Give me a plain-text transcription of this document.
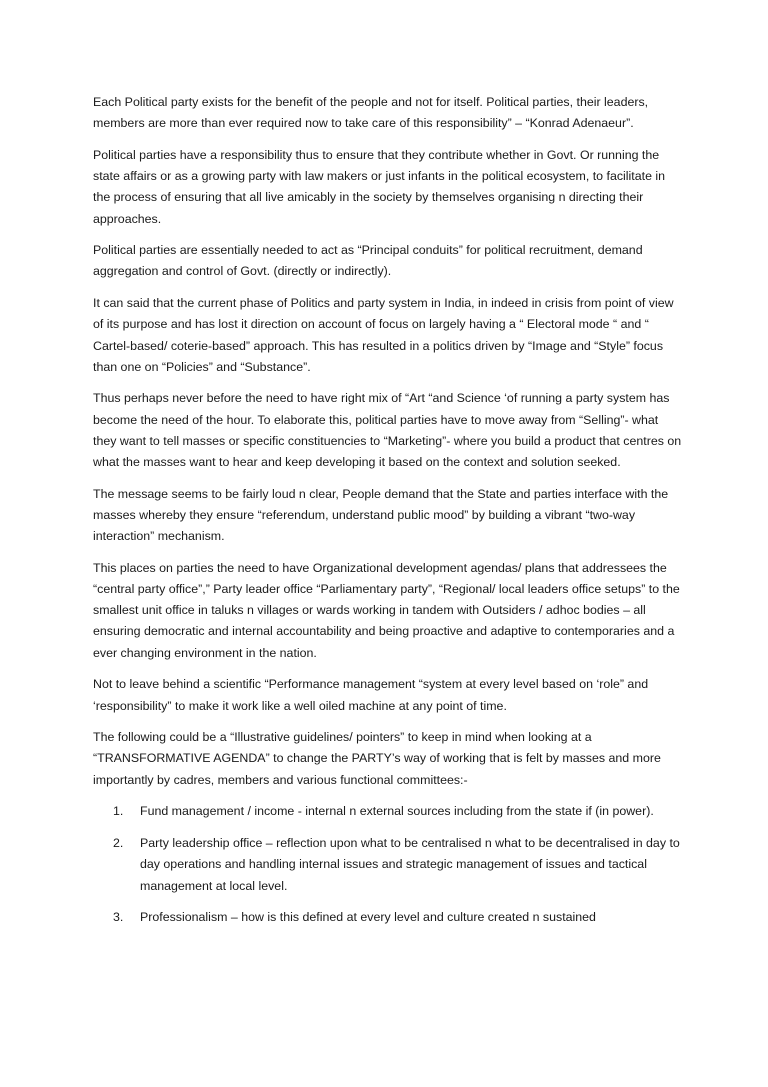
Each Political party exists for the benefit of the people and not for itself. Political parties, their leaders, members are more than ever required now to take care of this responsibility” – “Konrad Adenaeur”.

Political parties have a responsibility thus to ensure that they contribute whether in Govt. Or running the state affairs or as a growing party with law makers or just infants in the political ecosystem, to facilitate in the process of ensuring that all live amicably in the society by themselves organising n directing their approaches.

Political parties are essentially needed to act as “Principal conduits” for political recruitment, demand aggregation and control of Govt. (directly or indirectly).

It can said that the current phase of Politics and party system in India, in indeed in crisis from point of view of its purpose and has lost it direction on account of focus on largely having a “ Electoral mode “ and “ Cartel-based/ coterie-based” approach. This has resulted in a politics driven by “Image and “Style” focus than one on “Policies” and “Substance”.

Thus perhaps never before the need to have right mix of “Art “and Science ‘of running a party system has become the need of the hour. To elaborate this, political parties have to move away from “Selling”- what they want to tell masses or specific constituencies to “Marketing”- where you build a product that centres on what the masses want to hear and keep developing it based on the context and solution seeked.

The message seems to be fairly loud n clear, People demand that the State and parties interface with the masses whereby they ensure “referendum, understand public mood” by building a vibrant “two-way interaction” mechanism.

This places on parties the need to have Organizational development agendas/ plans that addressees the “central party office”,” Party leader office “Parliamentary party”, “Regional/ local leaders office setups” to the smallest unit office in taluks n villages or wards working in tandem with Outsiders / adhoc bodies – all ensuring democratic and internal accountability and being proactive and adaptive to contemporaries and a ever changing environment in the nation.

Not to leave behind a scientific “Performance management “system at every level based on ‘role” and ‘responsibility” to make it work like a well oiled machine at any point of time.

The following could be a “Illustrative guidelines/ pointers” to keep in mind when looking at a “TRANSFORMATIVE AGENDA” to change the PARTY’s way of working that is felt by masses and more importantly by cadres, members and various functional committees:-

1. Fund management / income - internal n external sources including from the state if (in power).
2. Party leadership office – reflection upon what to be centralised n what to be decentralised in day to day operations and handling internal issues and strategic management of issues and tactical management at local level.
3. Professionalism – how is this defined at every level and culture created n sustained
